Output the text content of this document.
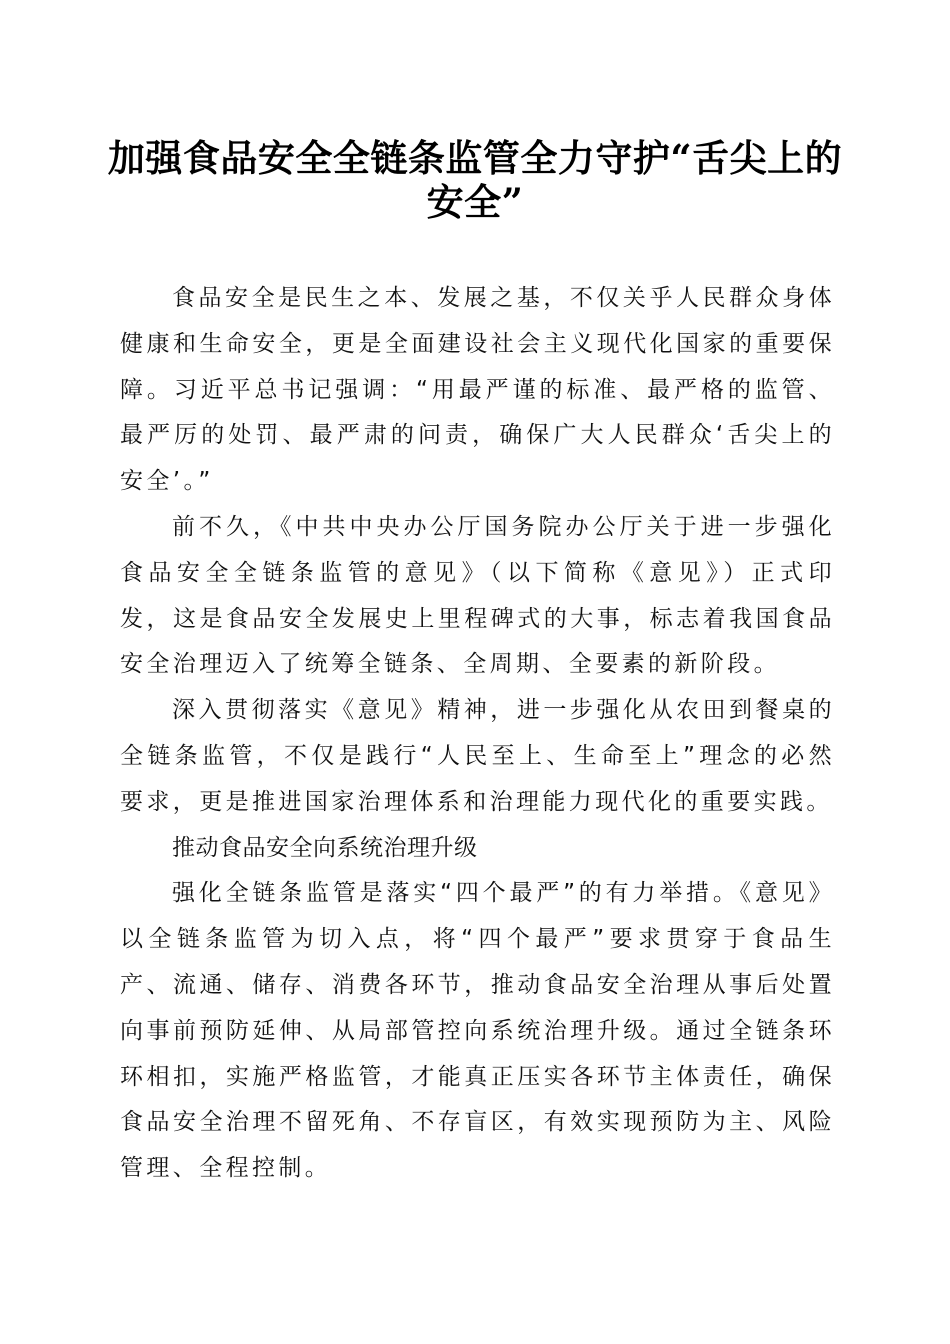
加强食品安全全链条监管全力守护“舌尖上的安全”

食品安全是民生之本、发展之基，不仅关乎人民群众身体健康和生命安全，更是全面建设社会主义现代化国家的重要保障。习近平总书记强调：“用最严谨的标准、最严格的监管、最严厉的处罚、最严肃的问责，确保广大人民群众‘舌尖上的安全’。”

前不久，《中共中央办公厅国务院办公厅关于进一步强化食品安全全链条监管的意见》（以下简称《意见》）正式印发，这是食品安全发展史上里程碑式的大事，标志着我国食品安全治理迈入了统筹全链条、全周期、全要素的新阶段。

深入贯彻落实《意见》精神，进一步强化从农田到餐桌的全链条监管，不仅是践行“人民至上、生命至上”理念的必然要求，更是推进国家治理体系和治理能力现代化的重要实践。

推动食品安全向系统治理升级

强化全链条监管是落实“四个最严”的有力举措。《意见》以全链条监管为切入点，将“四个最严”要求贯穿于食品生产、流通、储存、消费各环节，推动食品安全治理从事后处置向事前预防延伸、从局部管控向系统治理升级。通过全链条环环相扣，实施严格监管，才能真正压实各环节主体责任，确保食品安全治理不留死角、不存盲区，有效实现预防为主、风险管理、全程控制。
